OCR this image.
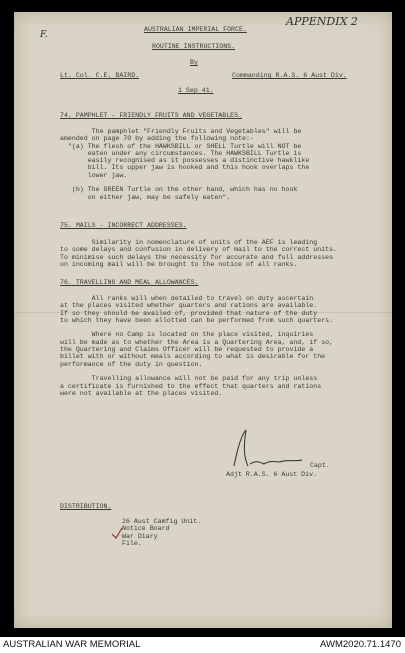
APPENDIX 2
F.
AUSTRALIAN IMPERIAL FORCE.
ROUTINE INSTRUCTIONS.
By
Lt. Col. C.E. BAIRD.	Commanding R.A.S. 6 Aust Div.
1 Sep 41.
74. PAMPHLET - FRIENDLY FRUITS AND VEGETABLES.
The pamphlet "Friendly Fruits and Vegetables" will be
amended on page 70 by adding the following note:-
"(a) The flesh of the HAWKSBILL or SHELL Turtle will NOT be
eaten under any circumstances. The HAWKSBILL Turtle is
easily recognised as it possesses a distinctive hawklike
bill. Its upper jaw is hooked and this hook overlaps the
lower jaw.

(b) The GREEN Turtle on the other hand, which has no hook
on either jaw, may be safely eaten".
75. MAILS - INCORRECT ADDRESSES.
Similarity in nomenclature of units of the AEF is leading
to some delays and confusion in delivery of mail to the correct units.
To minimise such delays the necessity for accurate and full addresses
on incoming mail will be brought to the notice of all ranks.
76. TRAVELLING AND MEAL ALLOWANCES.
All ranks will when detailed to travel on duty ascertain
at the places visited whether quarters and rations are available.
If so they should be availed of, provided that nature of the duty
to which they have been allotted can be performed from such quarters.

Where no Camp is located on the place visited, inquiries
will be made as to whether the Area is a Quartering Area, and, if so,
the Quartering and Claims Officer will be requested to provide a
billet with or without meals according to what is desirable for the
performance of the duty in question.

Travelling allowance will not be paid for any trip unless
a certificate is furnished to the effect that quarters and rations
were not available at the places visited.
Capt.
Adjt R.A.S. 6 Aust Div.
DISTRIBUTION.
26 Aust Camfig Unit.
Notice Board
War Diary
File.
AUSTRALIAN WAR MEMORIAL	AWM2020.71.1470
